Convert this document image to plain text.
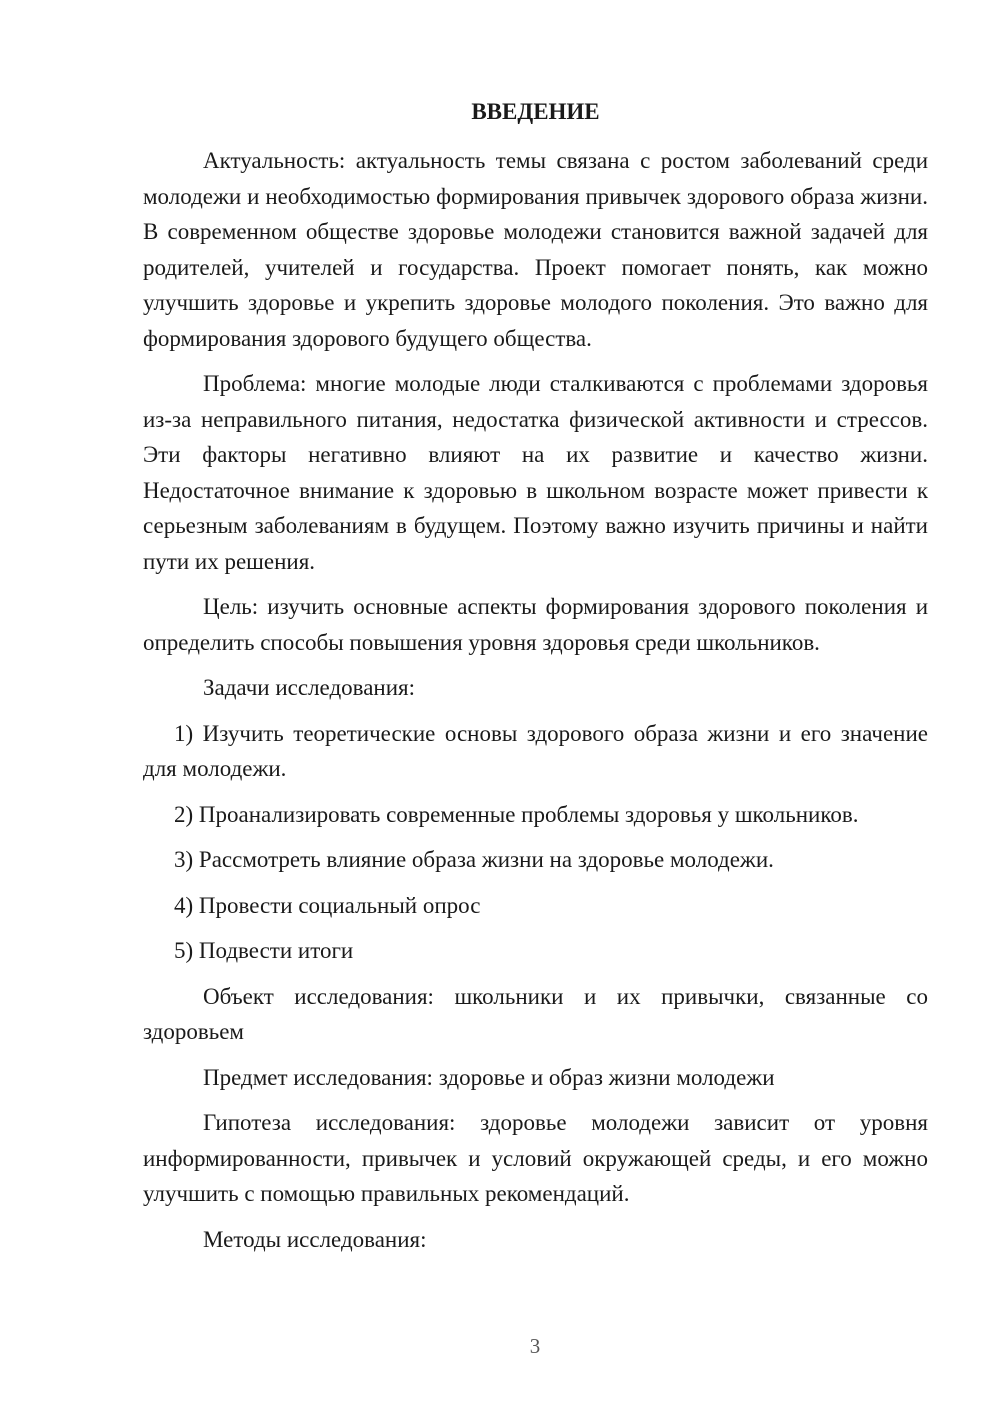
ВВЕДЕНИЕ

Актуальность: актуальность темы связана с ростом заболеваний среди молодежи и необходимостью формирования привычек здорового образа жизни. В современном обществе здоровье молодежи становится важной задачей для родителей, учителей и государства. Проект помогает понять, как можно улучшить здоровье и укрепить здоровье молодого поколения. Это важно для формирования здорового будущего общества.

Проблема: многие молодые люди сталкиваются с проблемами здоровья из-за неправильного питания, недостатка физической активности и стрессов. Эти факторы негативно влияют на их развитие и качество жизни. Недостаточное внимание к здоровью в школьном возрасте может привести к серьезным заболеваниям в будущем. Поэтому важно изучить причины и найти пути их решения.

Цель: изучить основные аспекты формирования здорового поколения и определить способы повышения уровня здоровья среди школьников.

Задачи исследования:

1) Изучить теоретические основы здорового образа жизни и его значение для молодежи.

2) Проанализировать современные проблемы здоровья у школьников.

3) Рассмотреть влияние образа жизни на здоровье молодежи.

4) Провести социальный опрос

5) Подвести итоги

Объект исследования: школьники и их привычки, связанные со здоровьем

Предмет исследования: здоровье и образ жизни молодежи

Гипотеза исследования: здоровье молодежи зависит от уровня информированности, привычек и условий окружающей среды, и его можно улучшить с помощью правильных рекомендаций.

Методы исследования:

3
